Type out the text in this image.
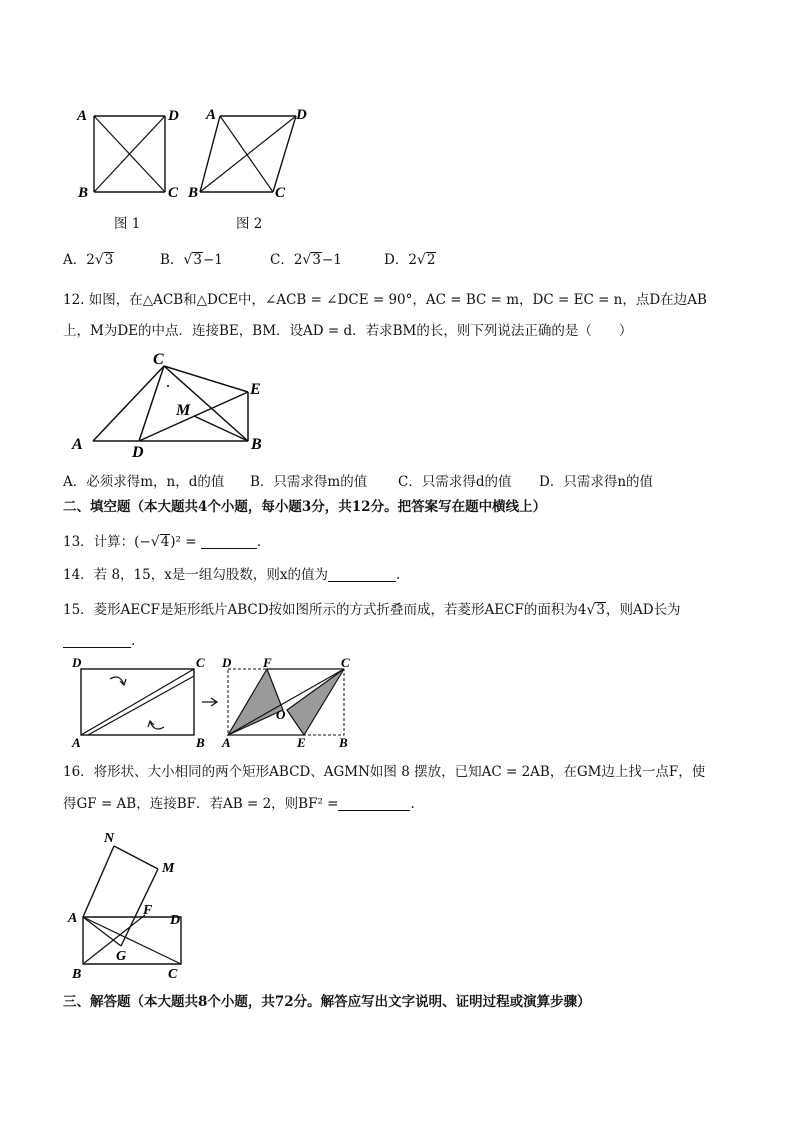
A	D
B	C
图 1
A	D
B	C
图 2
A．2√3	B．√3−1	C．2√3−1	D．2√2
12. 如图，在△ACB和△DCE中，∠ACB = ∠DCE = 90°，AC = BC = m，DC = EC = n，点D在边AB
上，M为DE的中点．连接BE，BM．设AD = d．若求BM的长，则下列说法正确的是（　　）
C
E
M
A	D	B
A．必须求得m，n，d的值 B．只需求得m的值 C．只需求得d的值 D．只需求得n的值
二、填空题（本大题共4个小题，每小题3分，共12分。把答案写在题中横线上）
13．计算：(−√4)² =	.
14．若 8，15，x是一组勾股数，则x的值为	.
15．菱形AECF是矩形纸片ABCD按如图所示的方式折叠而成，若菱形AECF的面积为4√3，则AD长为
.
D	C
A	B
D F	C
O
A	E	B
16．将形状、大小相同的两个矩形ABCD、AGMN如图 8 摆放，已知AC = 2AB，在GM边上找一点F，使
得GF = AB，连接BF．若AB = 2，则BF² =	.
N
M
A
F
D
G
B	C
三、解答题（本大题共8个小题，共72分。解答应写出文字说明、证明过程或演算步骤）
